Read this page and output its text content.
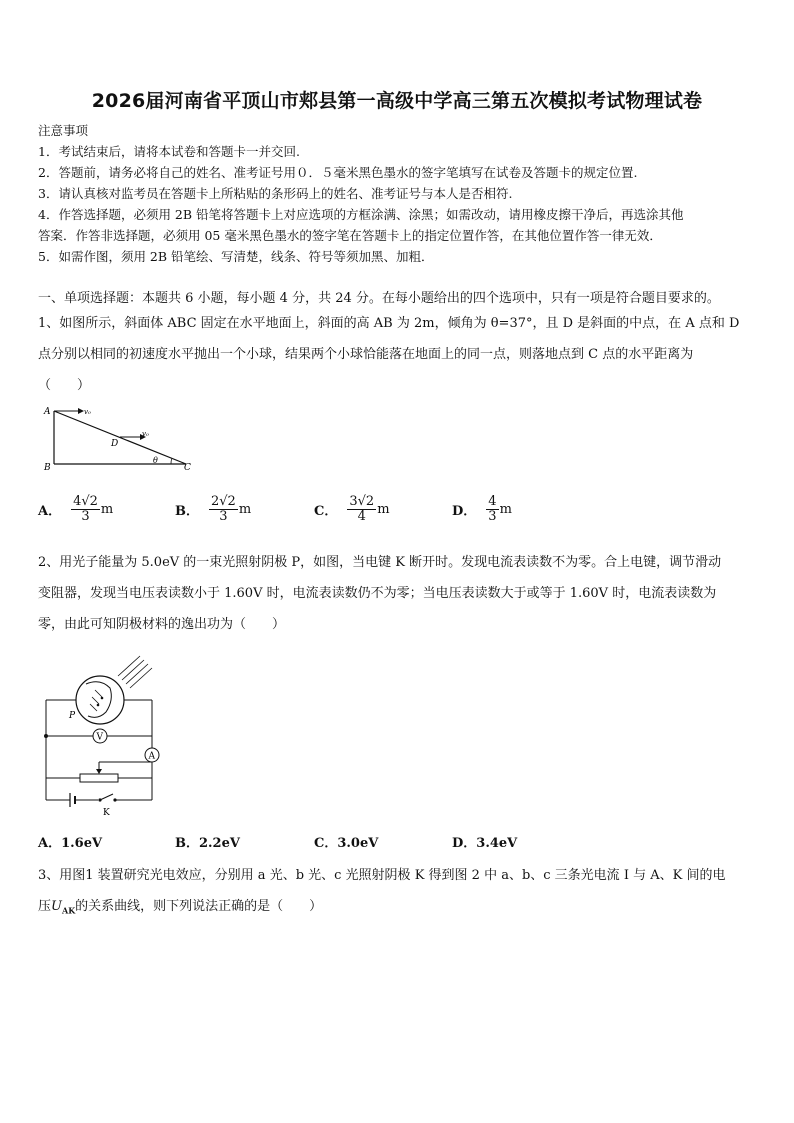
2026届河南省平顶山市郏县第一高级中学高三第五次模拟考试物理试卷
注意事项
1．考试结束后，请将本试卷和答题卡一并交回.
2．答题前，请务必将自己的姓名、准考证号用０．５毫米黑色墨水的签字笔填写在试卷及答题卡的规定位置.
3．请认真核对监考员在答题卡上所粘贴的条形码上的姓名、准考证号与本人是否相符.
4．作答选择题，必须用 2B 铅笔将答题卡上对应选项的方框涂满、涂黑；如需改动，请用橡皮擦干净后，再选涂其他
答案．作答非选择题，必须用 05 毫米黑色墨水的签字笔在答题卡上的指定位置作答，在其他位置作答一律无效．
5．如需作图，须用 2B 铅笔绘、写清楚，线条、符号等须加黑、加粗．
一、单项选择题：本题共 6 小题，每小题 4 分，共 24 分。在每小题给出的四个选项中，只有一项是符合题目要求的。
1、如图所示，斜面体 ABC 固定在水平地面上，斜面的高 AB 为 2m，倾角为 θ=37°，且 D 是斜面的中点，在 A 点和 D
点分别以相同的初速度水平抛出一个小球，结果两个小球恰能落在地面上的同一点，则落地点到 C 点的水平距离为
（　　）
A
B	C
D
θ
v₀
v₀
A． $\frac{4√2}{3}$ m	B． $\frac{2√2}{3}$ m	C． $\frac{3√2}{4}$ m	D． $\frac{4}{3}$ m
2、用光子能量为 5.0eV 的一束光照射阴极 P，如图，当电键 K 断开时。发现电流表读数不为零。合上电键，调节滑动
变阻器，发现当电压表读数小于 1.60V 时，电流表读数仍不为零；当电压表读数大于或等于 1.60V 时，电流表读数为
零，由此可知阴极材料的逸出功为（　　）
P
A
V
K
A．1.6eV	B．2.2eV	C．3.0eV	D．3.4eV
3、用图1 装置研究光电效应，分别用 a 光、b 光、c 光照射阴极 K 得到图 2 中 a、b、c 三条光电流 I 与 A、K 间的电
压$U_{AK}$的关系曲线，则下列说法正确的是（　　）
